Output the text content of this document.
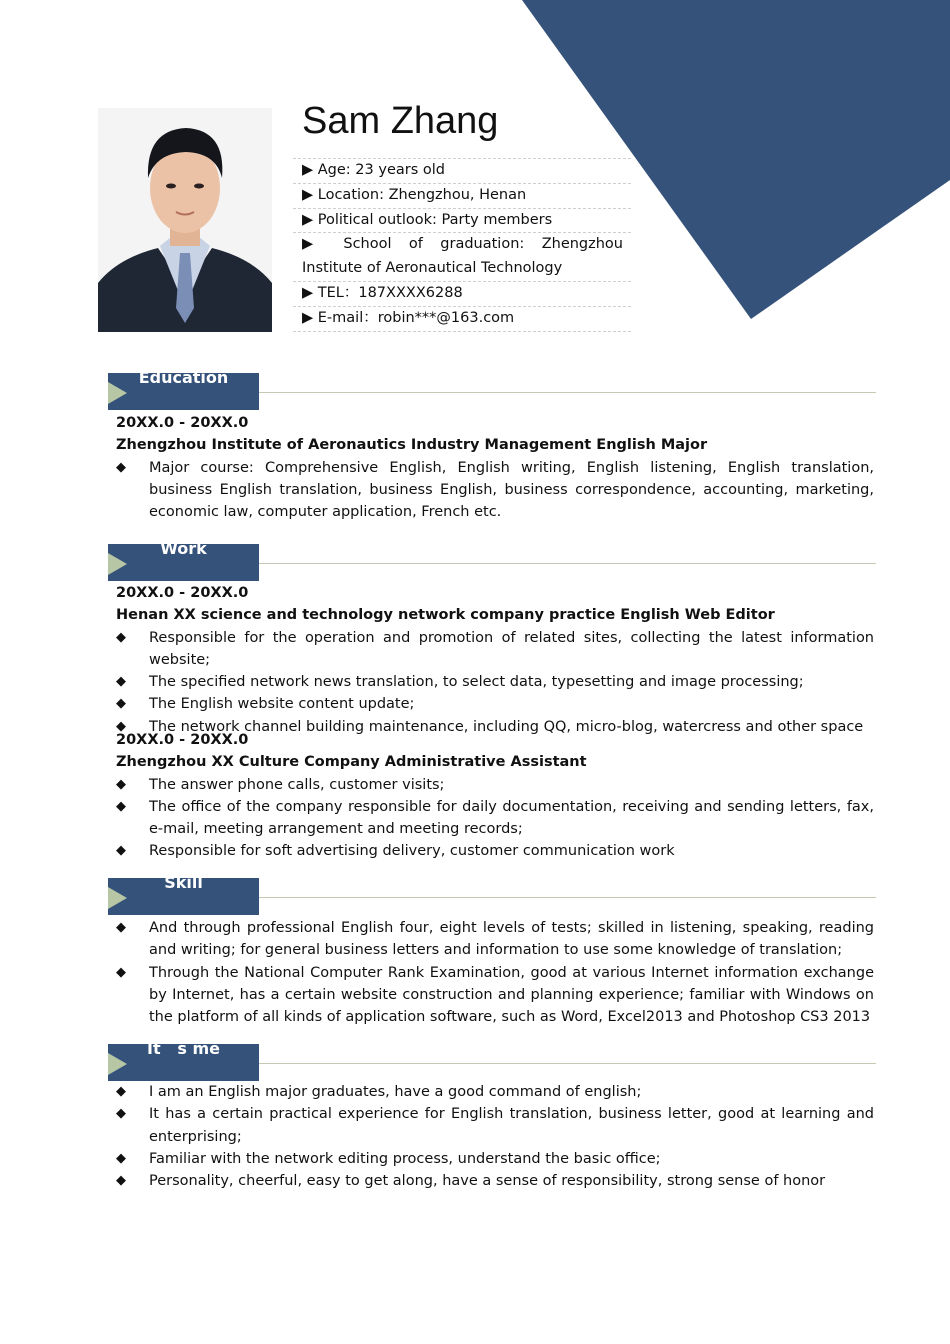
Sam Zhang
▶ Age: 23 years old
▶ Location: Zhengzhou, Henan
▶ Political outlook: Party members
▶ School of graduation: Zhengzhou Institute of Aeronautical Technology
▶ TEL：187XXXX6288
▶ E-mail：robin***@163.com
Education
20XX.0 - 20XX.0
Zhengzhou Institute of Aeronautics Industry Management English Major
◆ Major course: Comprehensive English, English writing, English listening, English translation, business English translation, business English, business correspondence, accounting, marketing, economic law, computer application, French etc.
Work
20XX.0 - 20XX.0
Henan XX science and technology network company practice English Web Editor
◆ Responsible for the operation and promotion of related sites, collecting the latest information website;
◆ The specified network news translation, to select data, typesetting and image processing;
◆ The English website content update;
◆ The network channel building maintenance, including QQ, micro-blog, watercress and other space
20XX.0 - 20XX.0
Zhengzhou XX Culture Company Administrative Assistant
◆ The answer phone calls, customer visits;
◆ The office of the company responsible for daily documentation, receiving and sending letters, fax, e-mail, meeting arrangement and meeting records;
◆ Responsible for soft advertising delivery, customer communication work
Skill
◆ And through professional English four, eight levels of tests; skilled in listening, speaking, reading and writing; for general business letters and information to use some knowledge of translation;
◆ Through the National Computer Rank Examination, good at various Internet information exchange by Internet, has a certain website construction and planning experience; familiar with Windows on the platform of all kinds of application software, such as Word, Excel2013 and Photoshop CS3 2013
It   s me
◆ I am an English major graduates, have a good command of english;
◆ It has a certain practical experience for English translation, business letter, good at learning and enterprising;
◆ Familiar with the network editing process, understand the basic office;
◆ Personality, cheerful, easy to get along, have a sense of responsibility, strong sense of honor
